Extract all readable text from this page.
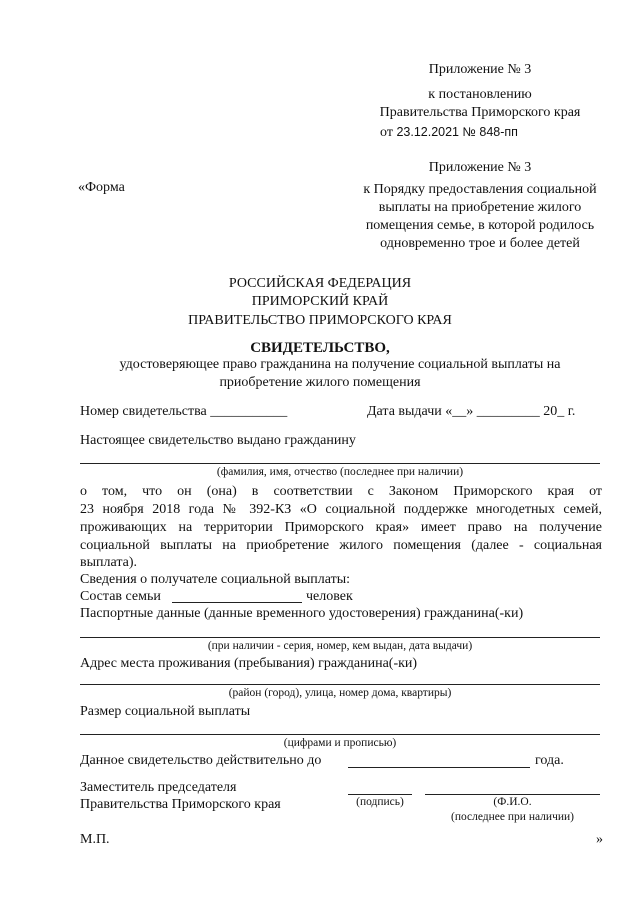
Приложение № 3
к постановлению
Правительства Приморского края
от 23.12.2021 № 848-пп
Приложение № 3
«Форма	к Порядку предоставления социальной
выплаты на приобретение жилого
помещения семье, в которой родилось
одновременно трое и более детей
РОССИЙСКАЯ ФЕДЕРАЦИЯ
ПРИМОРСКИЙ КРАЙ
ПРАВИТЕЛЬСТВО ПРИМОРСКОГО КРАЯ
СВИДЕТЕЛЬСТВО,
удостоверяющее право гражданина на получение социальной выплаты на
приобретение жилого помещения
Номер свидетельства ___________	Дата выдачи «__» _________ 20_ г.
Настоящее свидетельство выдано гражданину
(фамилия, имя, отчество (последнее при наличии)
о том, что он (она) в соответствии с Законом Приморского края от
23 ноября 2018 года № 392-КЗ «О социальной поддержке многодетных семей,
проживающих на территории Приморского края» имеет право на получение
социальной выплаты на приобретение жилого помещения (далее - социальная
выплата).
Сведения о получателе социальной выплаты:
Состав семьи	человек
Паспортные данные (данные временного удостоверения) гражданина(-ки)
(при наличии - серия, номер, кем выдан, дата выдачи)
Адрес места проживания (пребывания) гражданина(-ки)
(район (город), улица, номер дома, квартиры)
Размер социальной выплаты
(цифрами и прописью)
Данное свидетельство действительно до	года.
Заместитель председателя
Правительства Приморского края	(подпись)	(Ф.И.О.
(последнее при наличии)
М.П.	»
